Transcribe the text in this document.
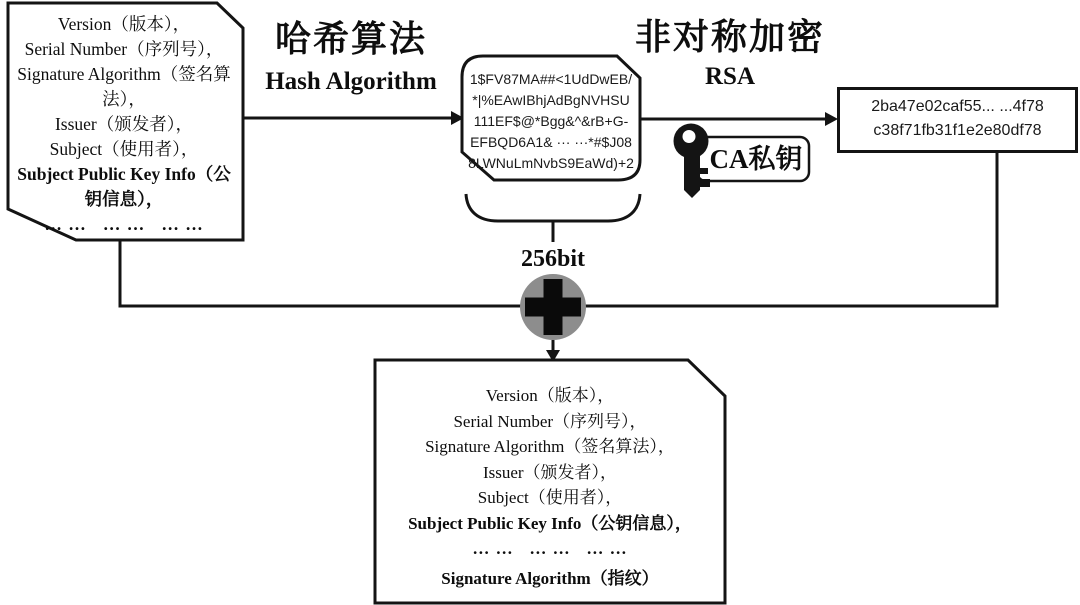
Version（版本），
Serial Number（序列号），
Signature Algorithm（签名算法），
Issuer（颁发者），
Subject（使用者），
Subject Public Key Info（公钥信息），
… …   … …   … …
哈希算法
Hash Algorithm	1$FV87MA##<1UdDwEB/
*|%EAwIBhjAdBgNVHSU
111EF$@*Bgg&^&rB+G-
EFBQD6A1& ··· ···*#$J08
8LWNuLmNvbS9EaWd)+2
256bit
非对称加密
RSA
CA私钥
2ba47e02caf55... ...4f78
c38f71fb31f1e2e80df78
Version（版本），
Serial Number（序列号），
Signature Algorithm（签名算法），
Issuer（颁发者），
Subject（使用者），
Subject Public Key Info（公钥信息），
… …   … …   … …
Signature Algorithm（指纹）
